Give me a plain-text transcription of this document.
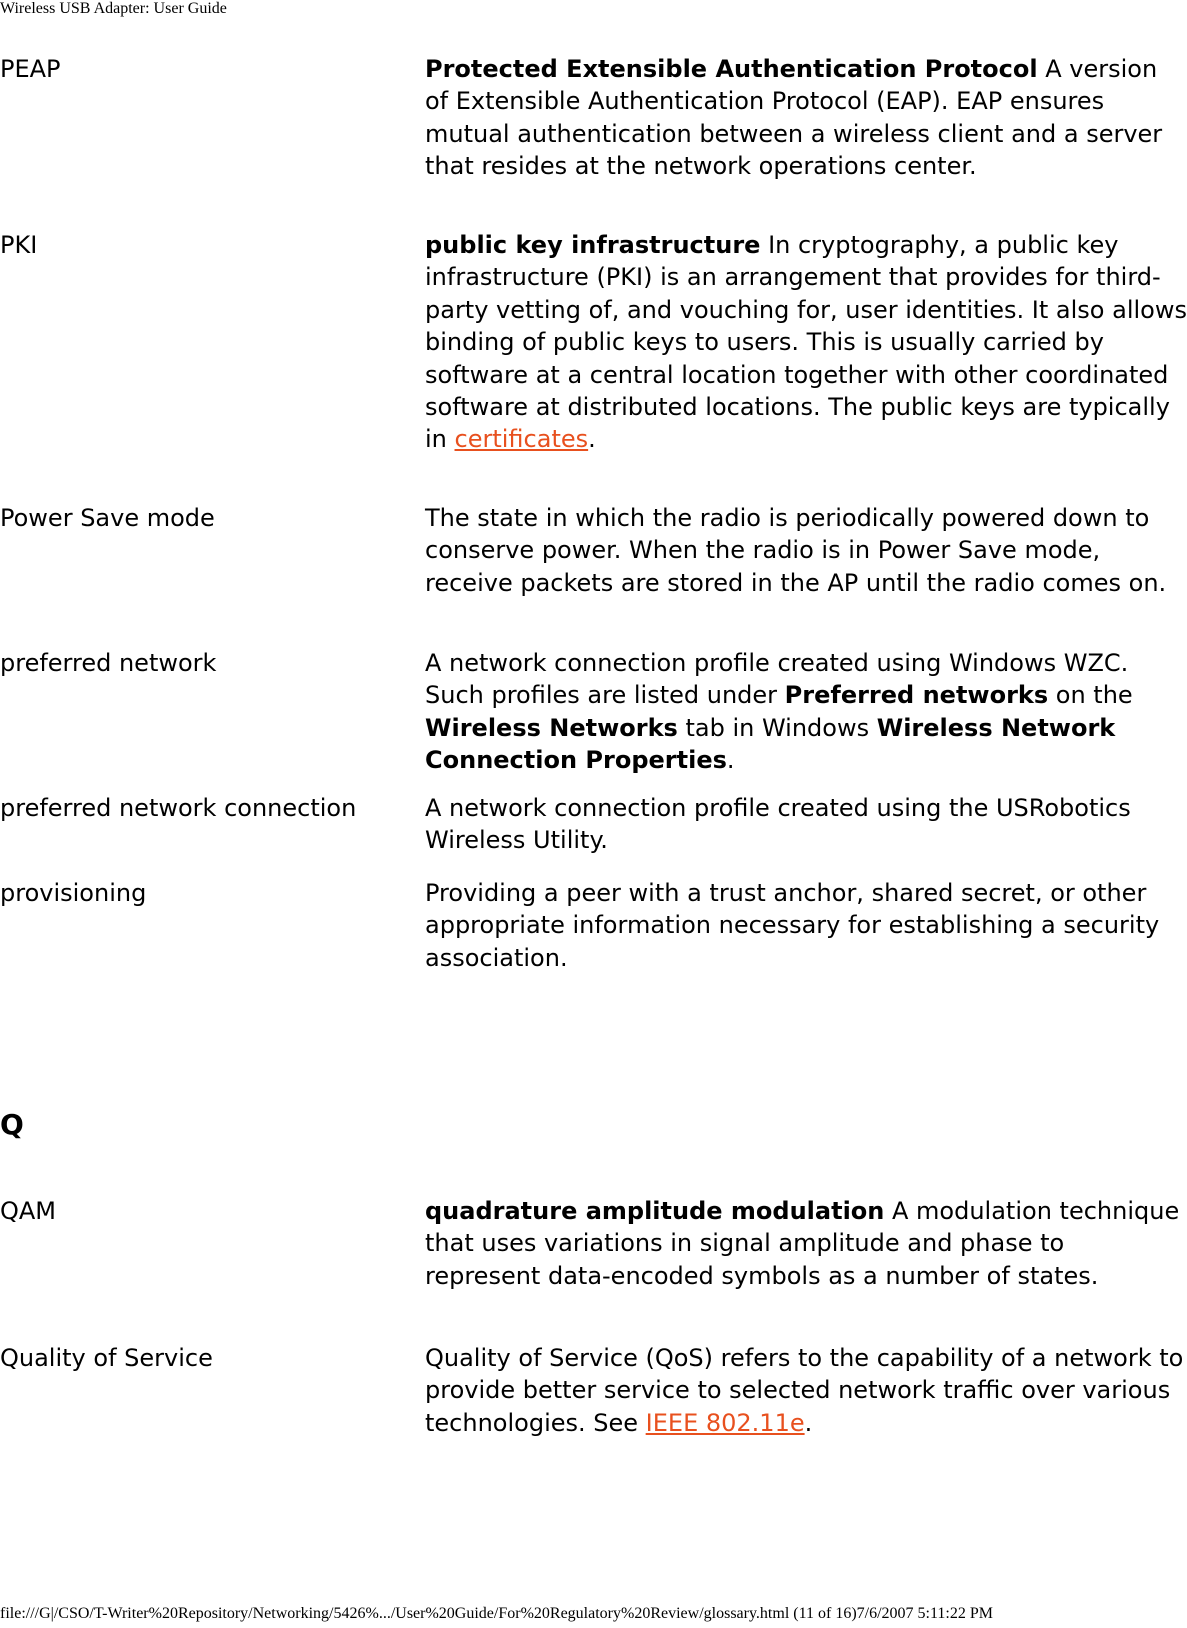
Wireless USB Adapter: User Guide
PEAP	Protected Extensible Authentication Protocol A version of Extensible Authentication Protocol (EAP). EAP ensures mutual authentication between a wireless client and a server that resides at the network operations center.
PKI	public key infrastructure In cryptography, a public key infrastructure (PKI) is an arrangement that provides for third-party vetting of, and vouching for, user identities. It also allows binding of public keys to users. This is usually carried by software at a central location together with other coordinated software at distributed locations. The public keys are typically in certificates.
Power Save mode	The state in which the radio is periodically powered down to conserve power. When the radio is in Power Save mode, receive packets are stored in the AP until the radio comes on.
preferred network	A network connection profile created using Windows WZC. Such profiles are listed under Preferred networks on the Wireless Networks tab in Windows Wireless Network Connection Properties.
preferred network connection	A network connection profile created using the USRobotics Wireless Utility.
provisioning	Providing a peer with a trust anchor, shared secret, or other appropriate information necessary for establishing a security association.
Q
QAM	quadrature amplitude modulation A modulation technique that uses variations in signal amplitude and phase to represent data-encoded symbols as a number of states.
Quality of Service	Quality of Service (QoS) refers to the capability of a network to provide better service to selected network traffic over various technologies. See IEEE 802.11e.
file:///G|/CSO/T-Writer%20Repository/Networking/5426%.../User%20Guide/For%20Regulatory%20Review/glossary.html (11 of 16)7/6/2007 5:11:22 PM
